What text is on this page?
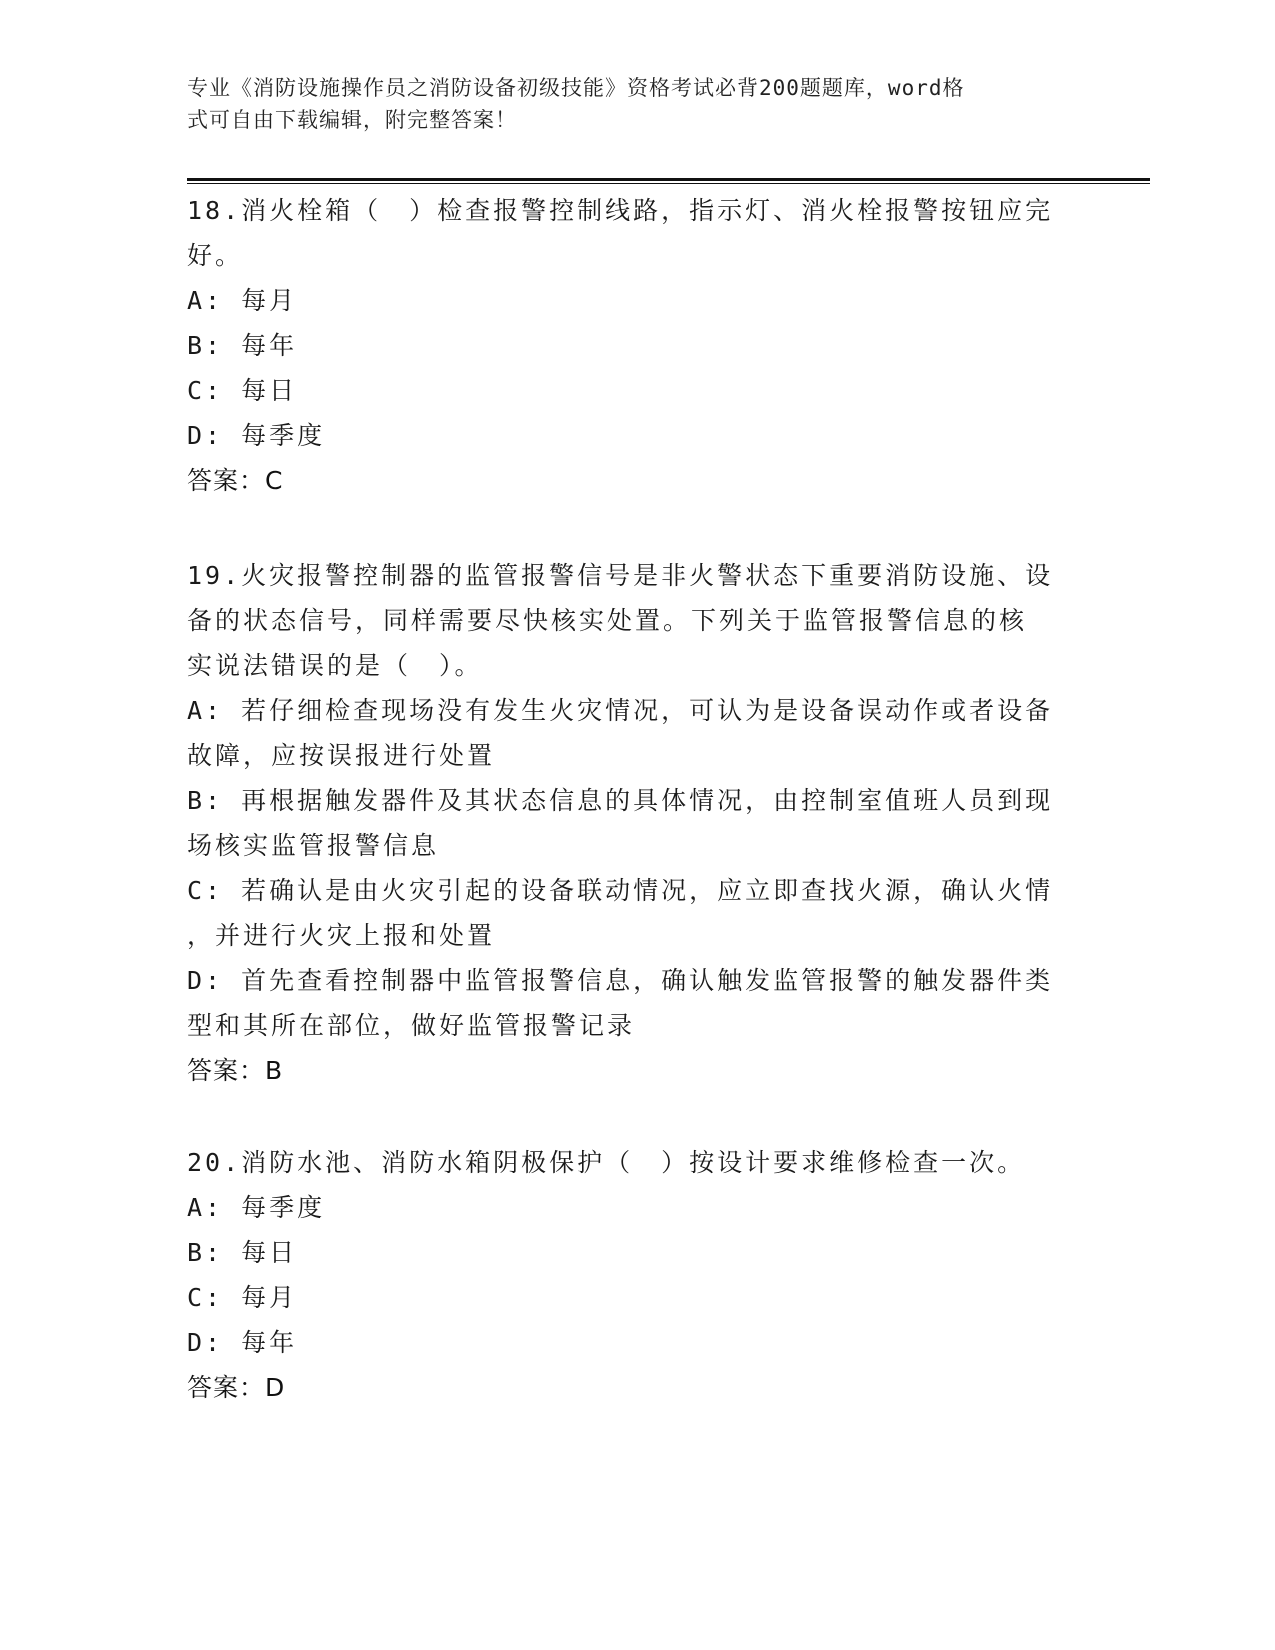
专业《消防设施操作员之消防设备初级技能》资格考试必背200题题库，word格
式可自由下载编辑，附完整答案！
18.消火栓箱（　）检查报警控制线路，指示灯、消火栓报警按钮应完
好。
A: 每月
B: 每年
C: 每日
D: 每季度
答案：C
19.火灾报警控制器的监管报警信号是非火警状态下重要消防设施、设
备的状态信号，同样需要尽快核实处置。下列关于监管报警信息的核
实说法错误的是（　）。
A: 若仔细检查现场没有发生火灾情况，可认为是设备误动作或者设备
故障，应按误报进行处置
B: 再根据触发器件及其状态信息的具体情况，由控制室值班人员到现
场核实监管报警信息
C: 若确认是由火灾引起的设备联动情况，应立即查找火源，确认火情
，并进行火灾上报和处置
D: 首先查看控制器中监管报警信息，确认触发监管报警的触发器件类
型和其所在部位，做好监管报警记录
答案：B
20.消防水池、消防水箱阴极保护（　）按设计要求维修检查一次。
A: 每季度
B: 每日
C: 每月
D: 每年
答案：D
